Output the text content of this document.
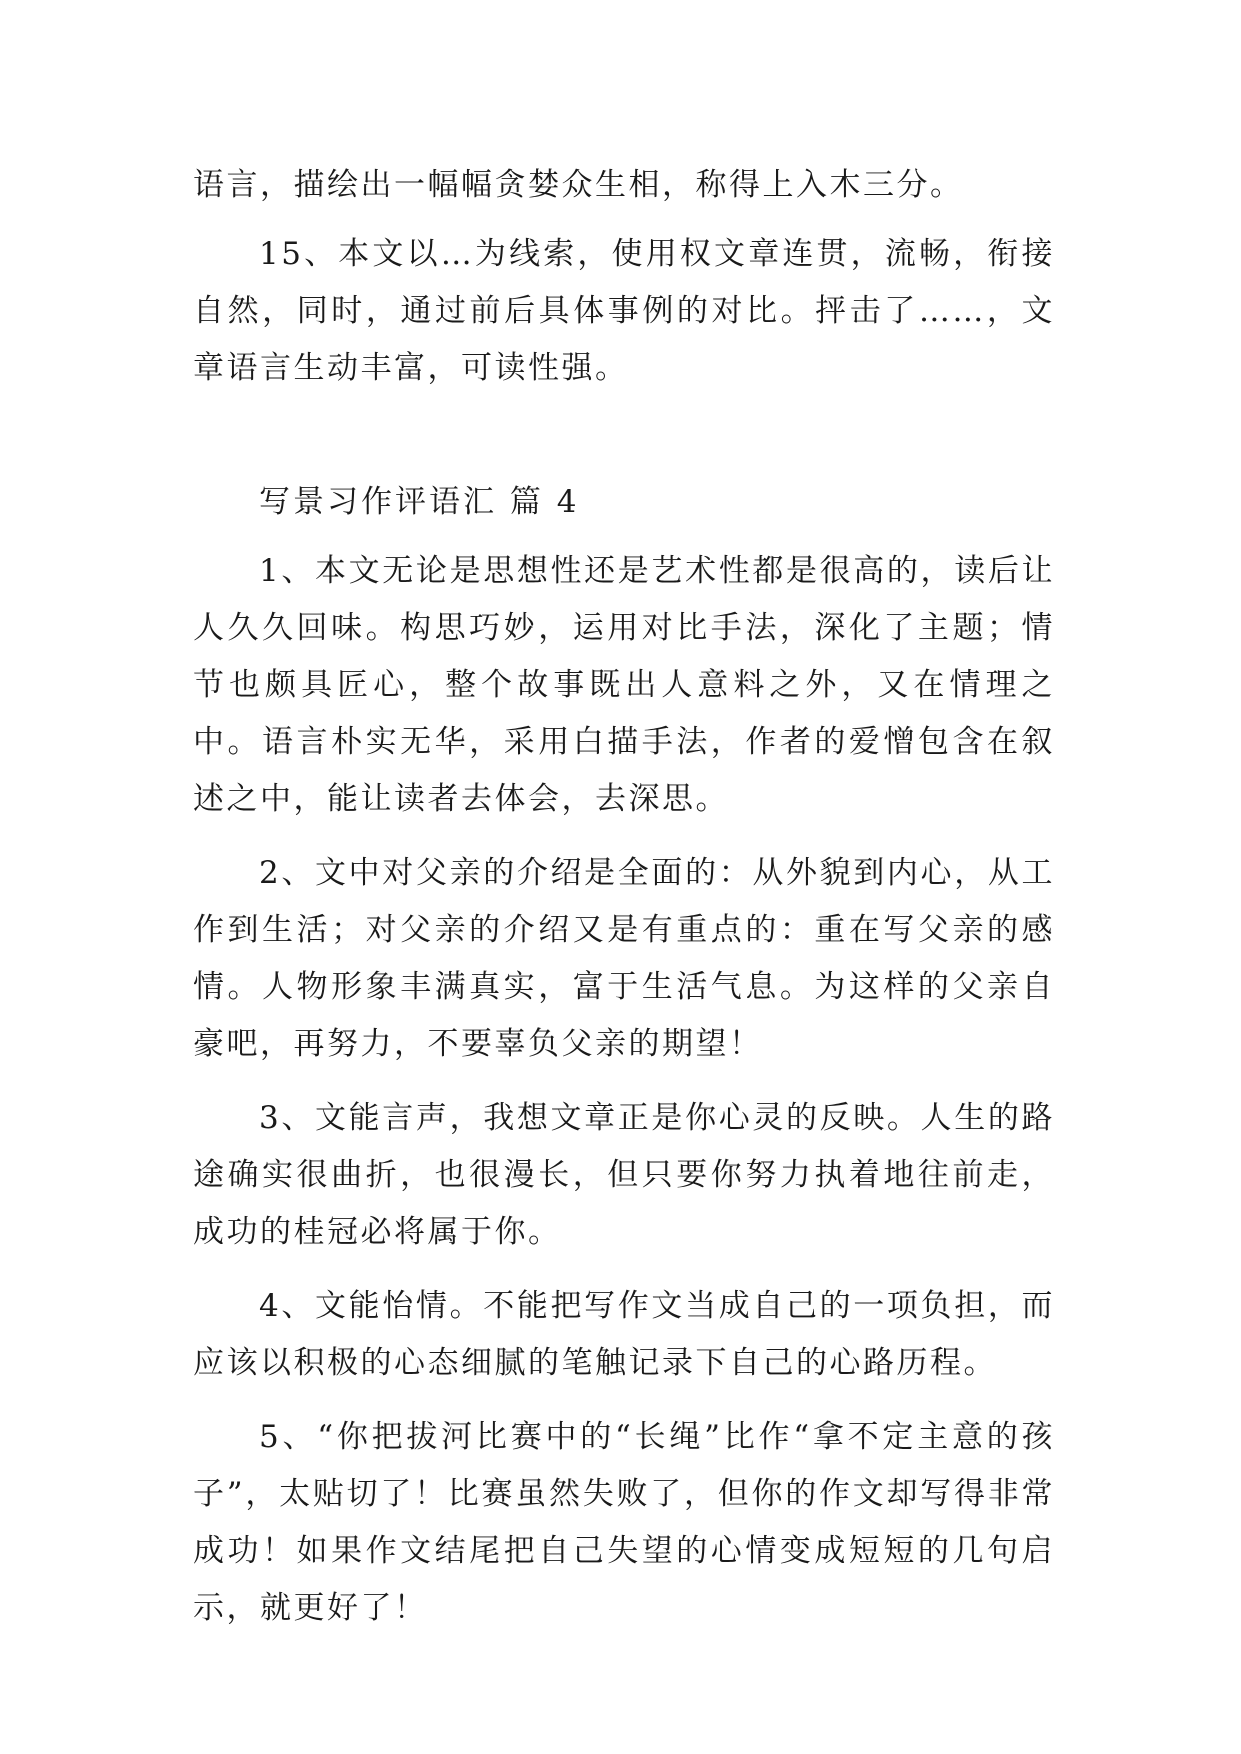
语言，描绘出一幅幅贪婪众生相，称得上入木三分。

15、本文以…为线索，使用权文章连贯，流畅，衔接自然，同时，通过前后具体事例的对比。抨击了……，文章语言生动丰富，可读性强。

写景习作评语汇 篇 4

1、本文无论是思想性还是艺术性都是很高的，读后让人久久回味。构思巧妙，运用对比手法，深化了主题；情节也颇具匠心，整个故事既出人意料之外，又在情理之中。语言朴实无华，采用白描手法，作者的爱憎包含在叙述之中，能让读者去体会，去深思。

2、文中对父亲的介绍是全面的：从外貌到内心，从工作到生活；对父亲的介绍又是有重点的：重在写父亲的感情。人物形象丰满真实，富于生活气息。为这样的父亲自豪吧，再努力，不要辜负父亲的期望！

3、文能言声，我想文章正是你心灵的反映。人生的路途确实很曲折，也很漫长，但只要你努力执着地往前走，成功的桂冠必将属于你。

4、文能怡情。不能把写作文当成自己的一项负担，而应该以积极的心态细腻的笔触记录下自己的心路历程。

5、“你把拔河比赛中的“长绳”比作“拿不定主意的孩子”，太贴切了！比赛虽然失败了，但你的作文却写得非常成功！如果作文结尾把自己失望的心情变成短短的几句启示，就更好了！
